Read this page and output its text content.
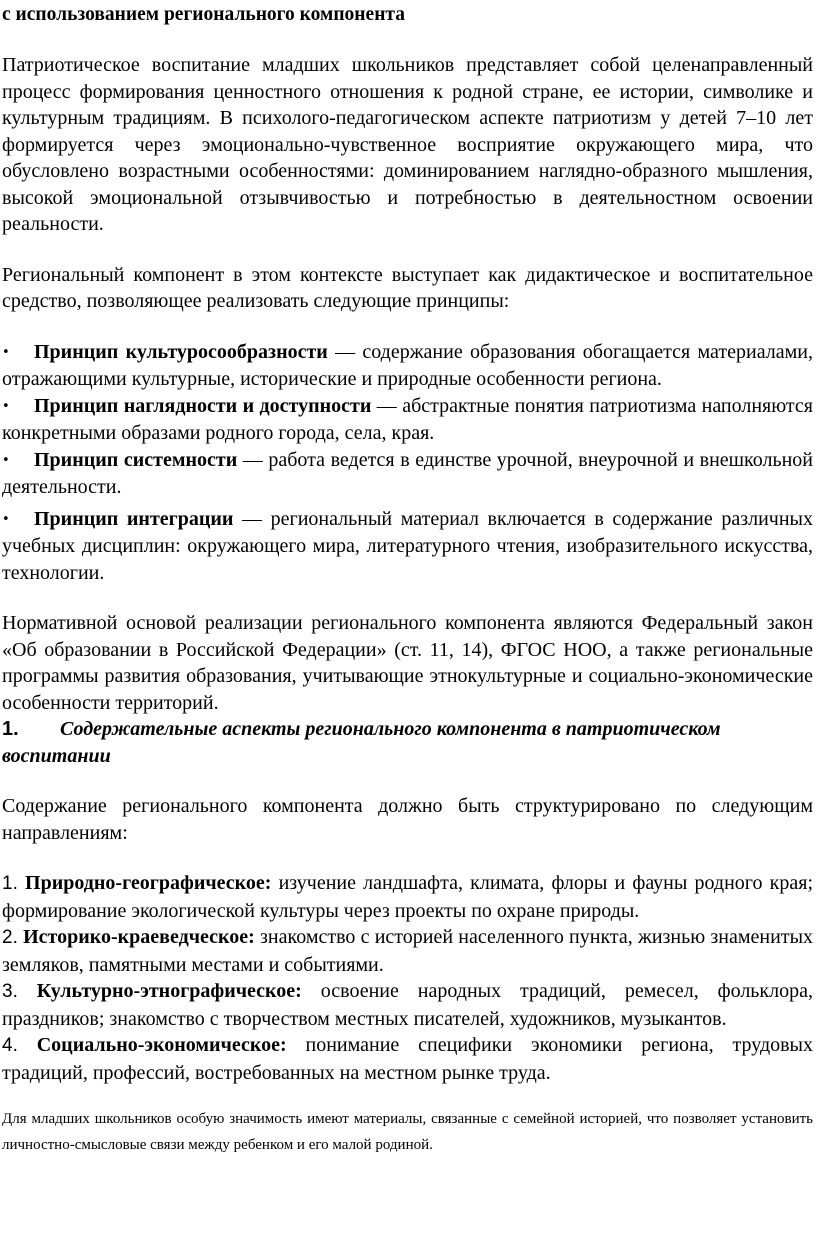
с использованием регионального компонента

Патриотическое воспитание младших школьников представляет собой целенаправленный процесс формирования ценностного отношения к родной стране, ее истории, символике и культурным традициям. В психолого-педагогическом аспекте патриотизм у детей 7–10 лет формируется через эмоционально-чувственное восприятие окружающего мира, что обусловлено возрастными особенностями: доминированием наглядно-образного мышления, высокой эмоциональной отзывчивостью и потребностью в деятельностном освоении реальности.

Региональный компонент в этом контексте выступает как дидактическое и воспитательное средство, позволяющее реализовать следующие принципы:

• Принцип культуросообразности — содержание образования обогащается материалами, отражающими культурные, исторические и природные особенности региона.

• Принцип наглядности и доступности — абстрактные понятия патриотизма наполняются конкретными образами родного города, села, края.

• Принцип системности — работа ведется в единстве урочной, внеурочной и внешкольной деятельности.

• Принцип интеграции — региональный материал включается в содержание различных учебных дисциплин: окружающего мира, литературного чтения, изобразительного искусства, технологии.

Нормативной основой реализации регионального компонента являются Федеральный закон «Об образовании в Российской Федерации» (ст. 11, 14), ФГОС НОО, а также региональные программы развития образования, учитывающие этнокультурные и социально-экономические особенности территорий.

1. Содержательные аспекты регионального компонента в патриотическом воспитании

Содержание регионального компонента должно быть структурировано по следующим направлениям:

1. Природно-географическое: изучение ландшафта, климата, флоры и фауны родного края; формирование экологической культуры через проекты по охране природы.

2. Историко-краеведческое: знакомство с историей населенного пункта, жизнью знаменитых земляков, памятными местами и событиями.

3. Культурно-этнографическое: освоение народных традиций, ремесел, фольклора, праздников; знакомство с творчеством местных писателей, художников, музыкантов.

4. Социально-экономическое: понимание специфики экономики региона, трудовых традиций, профессий, востребованных на местном рынке труда.

Для младших школьников особую значимость имеют материалы, связанные с семейной историей, что позволяет установить личностно-смысловые связи между ребенком и его малой родиной.
